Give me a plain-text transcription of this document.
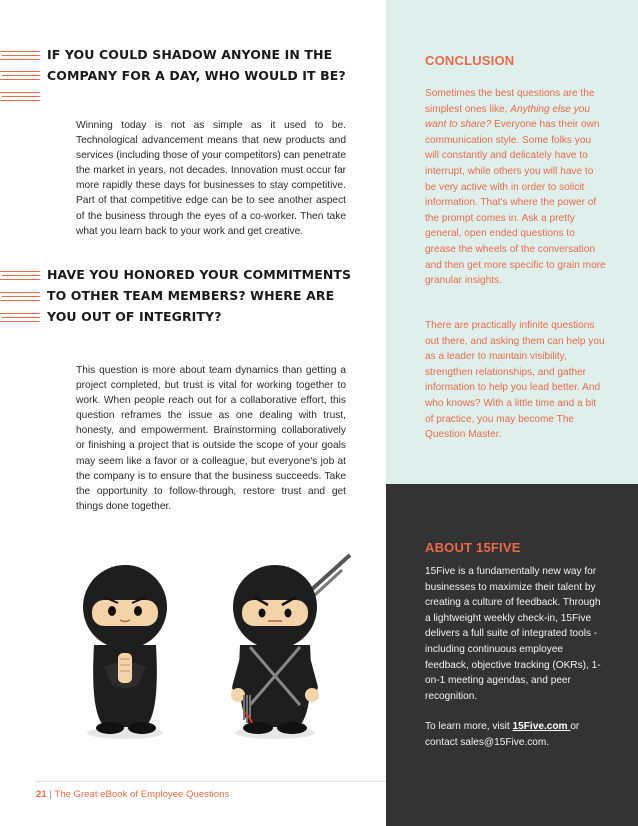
IF YOU COULD SHADOW ANYONE IN THE COMPANY FOR A DAY, WHO WOULD IT BE?

Winning today is not as simple as it used to be. Technological advancement means that new products and services (including those of your competitors) can penetrate the market in years, not decades. Innovation must occur far more rapidly these days for businesses to stay competitive. Part of that competitive edge can be to see another aspect of the business through the eyes of a co-worker. Then take what you learn back to your work and get creative.

HAVE YOU HONORED YOUR COMMITMENTS TO OTHER TEAM MEMBERS? WHERE ARE YOU OUT OF INTEGRITY?

This question is more about team dynamics than getting a project completed, but trust is vital for working together to work. When people reach out for a collaborative effort, this question reframes the issue as one dealing with trust, honesty, and empowerment. Brainstorming collaboratively or finishing a project that is outside the scope of your goals may seem like a favor or a colleague, but everyone's job at the company is to ensure that the business succeeds. Take the opportunity to follow-through, restore trust and get things done together.

CONCLUSION

Sometimes the best questions are the simplest ones like, Anything else you want to share? Everyone has their own communication style. Some folks you will constantly and delicately have to interrupt, while others you will have to be very active with in order to solicit information. That's where the power of the prompt comes in. Ask a pretty general, open ended questions to grease the wheels of the conversation and then get more specific to grain more granular insights.

There are practically infinite questions out there, and asking them can help you as a leader to maintain visibility, strengthen relationships, and gather information to help you lead better. And who knows? With a little time and a bit of practice, you may become The Question Master.

ABOUT 15FIVE

15Five is a fundamentally new way for businesses to maximize their talent by creating a culture of feedback. Through a lightweight weekly check-in, 15Five delivers a full suite of integrated tools - including continuous employee feedback, objective tracking (OKRs), 1-on-1 meeting agendas, and peer recognition.

To learn more, visit 15Five.com or contact sales@15Five.com.

21 | The Great eBook of Employee Questions
